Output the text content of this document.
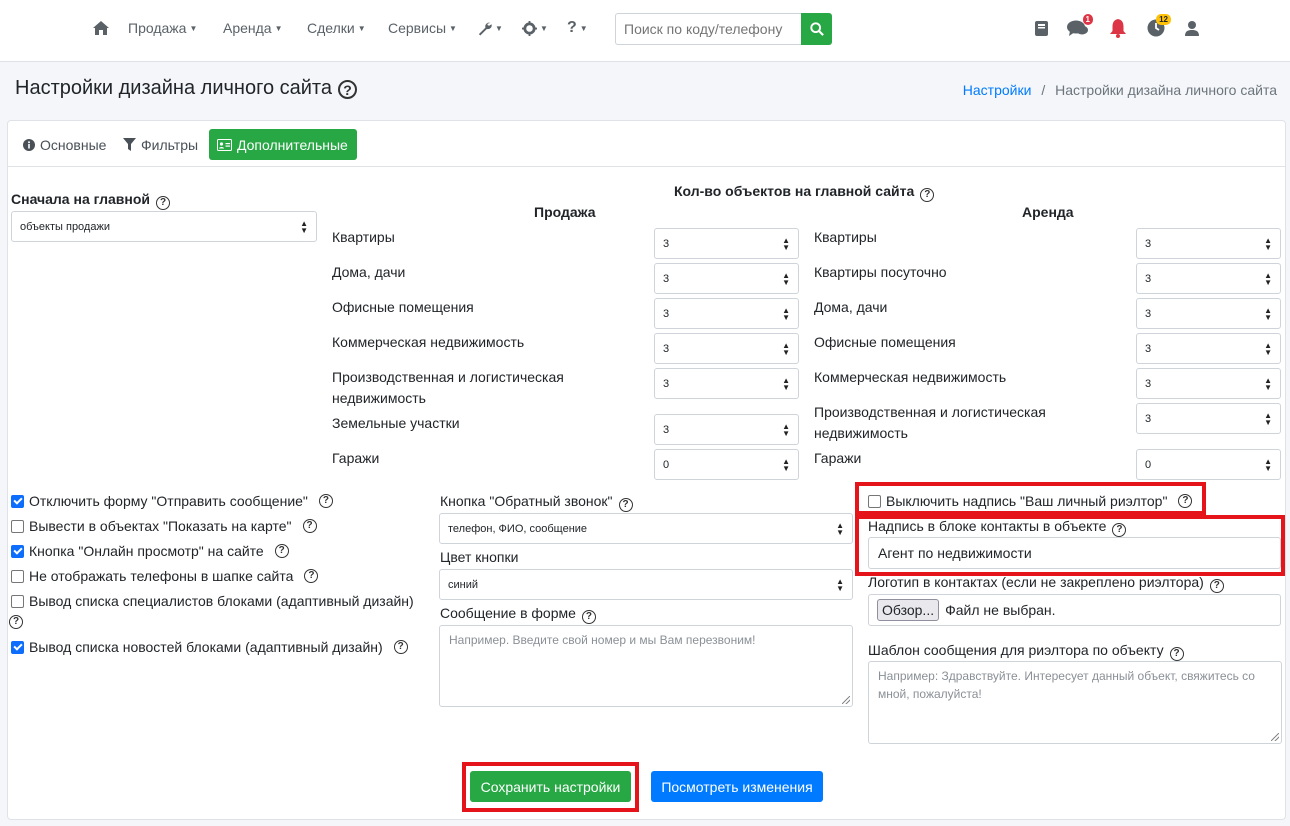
Продажа ▼ Аренда ▼ Сделки ▼ Сервисы ▼	▼	▼ ? ▼
Поиск по коду/телефону
1	12
Настройки дизайна личного сайта ?	Настройки / Настройки дизайна личного сайта
Основные Фильтры	Дополнительные
Сначала на главной ?
объекты продажи	▲
▼
Кол-во объектов на главной сайта ?
Продажа	Аренда
Квартиры	3	▲
▼
Дома, дачи	3	▲
▼
Офисные помещения	3	▲
▼
Коммерческая недвижимость	3	▲
▼
Производственная и логистическая
недвижимость
3	▲
▼
Земельные участки	3	▲
▼
Гаражи	0	▲
▼
Квартиры	3	▲
▼
Квартиры посуточно	3	▲
▼
Дома, дачи	3	▲
▼
Офисные помещения	3	▲
▼
Коммерческая недвижимость	3	▲
▼
Производственная и логистическая
недвижимость
3	▲
▼
Гаражи	0	▲
▼
Отключить форму "Отправить сообщение"	?
Вывести в объектах "Показать на карте"	?
Кнопка "Онлайн просмотр" на сайте	?
Не отображать телефоны в шапке сайта	?
Вывод списка специалистов блоками (адаптивный дизайн)
?
Вывод списка новостей блоками (адаптивный дизайн)	?
Кнопка "Обратный звонок" ?
телефон, ФИО, сообщение	▲
▼
Цвет кнопки
синий	▲
▼
Сообщение в форме ?
Например. Введите свой номер и мы Вам перезвоним!
Выключить надпись "Ваш личный риэлтор"	?
Надпись в блоке контакты в объекте ?
Агент по недвижимости
Логотип в контактах (если не закреплено риэлтора) ?
Обзор... Файл не выбран.
Шаблон сообщения для риэлтора по объекту ?
Например: Здравствуйте. Интересует данный объект, свяжитесь со мной, пожалуйста!
Сохранить настройки	Посмотреть изменения
